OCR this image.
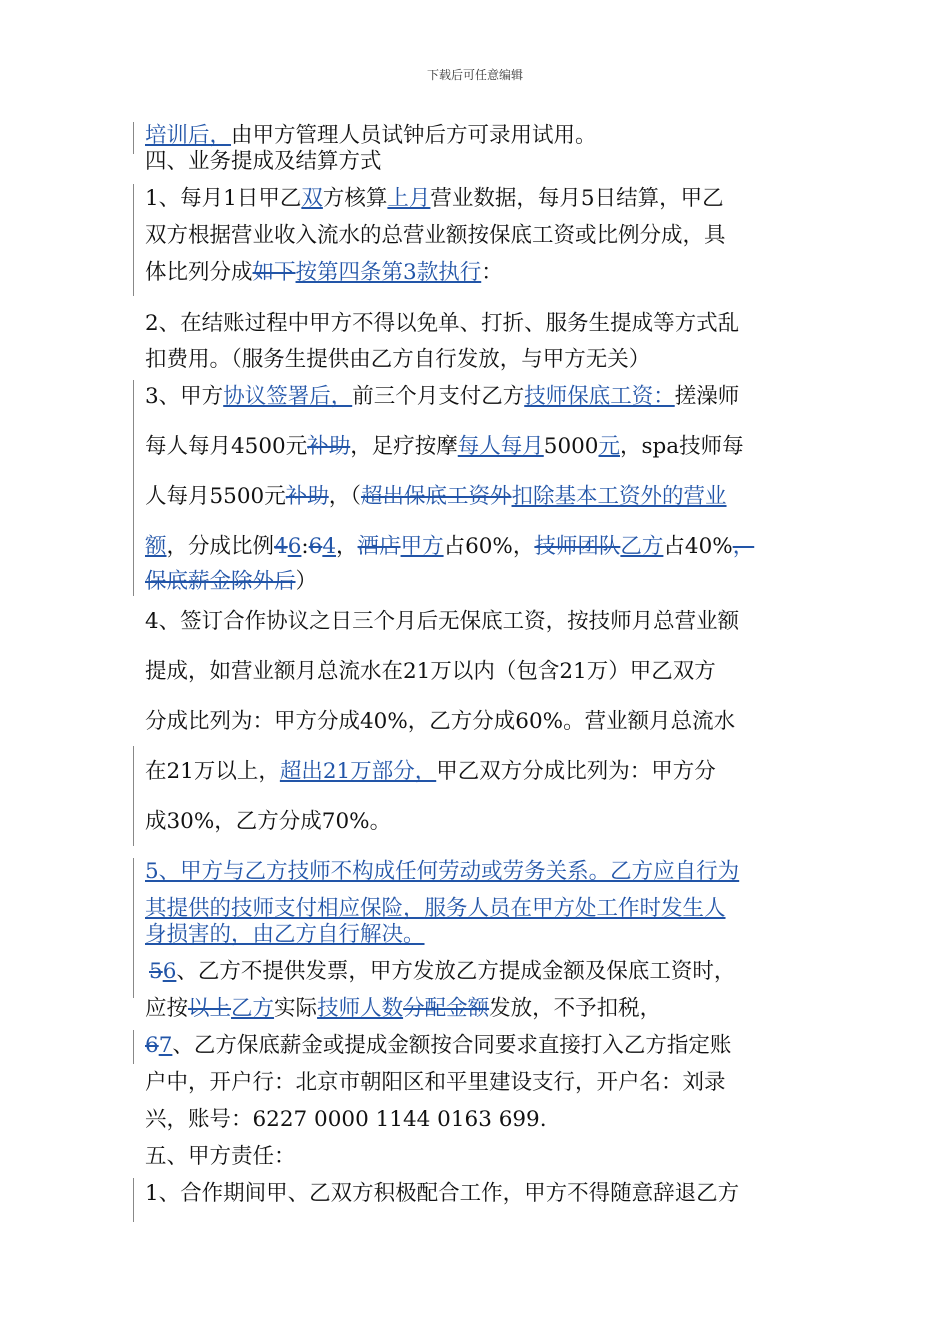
下载后可任意编辑
培训后，由甲方管理人员试钟后方可录用试用。
四、业务提成及结算方式
1、每月1日甲乙双方核算上月营业数据，每月5日结算，甲乙
双方根据营业收入流水的总营业额按保底工资或比例分成，具
体比列分成如下按第四条第3款执行：
2、在结账过程中甲方不得以免单、打折、服务生提成等方式乱
扣费用。（服务生提供由乙方自行发放，与甲方无关）
3、甲方协议签署后，前三个月支付乙方技师保底工资：搓澡师
每人每月4500元补助，足疗按摩每人每月5000元，spa技师每
人每月5500元补助，（超出保底工资外扣除基本工资外的营业
额，分成比例46:64，酒店甲方占60%，技师团队乙方占40%，
保底薪金除外后）
4、签订合作协议之日三个月后无保底工资，按技师月总营业额
提成，如营业额月总流水在21万以内（包含21万）甲乙双方
分成比列为：甲方分成40%，乙方分成60%。营业额月总流水
在21万以上，超出21万部分，甲乙双方分成比列为：甲方分
成30%，乙方分成70%。
5、甲方与乙方技师不构成任何劳动或劳务关系。乙方应自行为
其提供的技师支付相应保险，服务人员在甲方处工作时发生人
身损害的，由乙方自行解决。
56、乙方不提供发票，甲方发放乙方提成金额及保底工资时，
应按以上乙方实际技师人数分配金额发放，不予扣税，
67、乙方保底薪金或提成金额按合同要求直接打入乙方指定账
户中，开户行：北京市朝阳区和平里建设支行，开户名：刘录
兴，账号：6227 0000 1144 0163 699.
五、甲方责任：
1、合作期间甲、乙双方积极配合工作，甲方不得随意辞退乙方
